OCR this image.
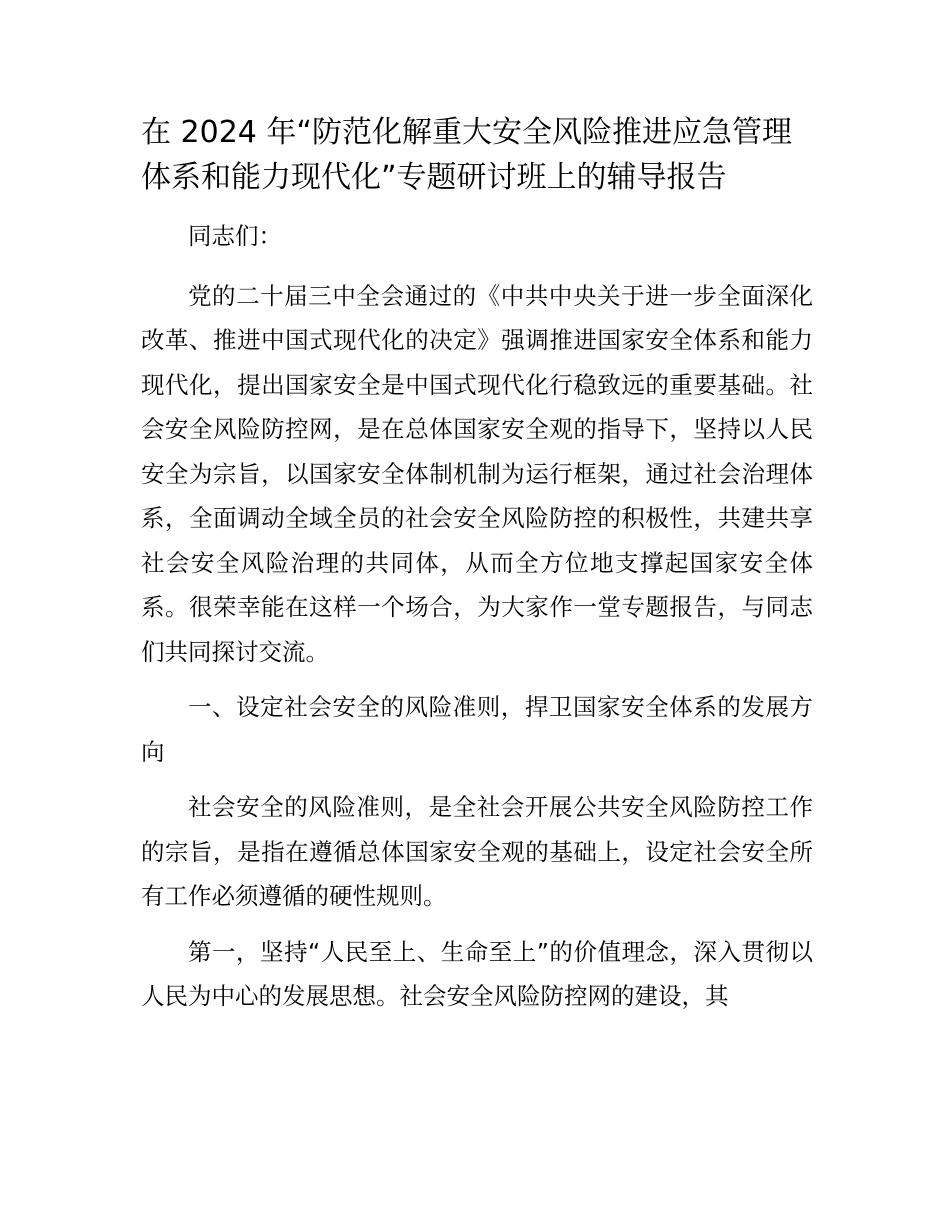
在 2024 年“防范化解重大安全风险推进应急管理体系和能力现代化”专题研讨班上的辅导报告

同志们：

党的二十届三中全会通过的《中共中央关于进一步全面深化改革、推进中国式现代化的决定》强调推进国家安全体系和能力现代化，提出国家安全是中国式现代化行稳致远的重要基础。社会安全风险防控网，是在总体国家安全观的指导下，坚持以人民安全为宗旨，以国家安全体制机制为运行框架，通过社会治理体系，全面调动全域全员的社会安全风险防控的积极性，共建共享社会安全风险治理的共同体，从而全方位地支撑起国家安全体系。很荣幸能在这样一个场合，为大家作一堂专题报告，与同志们共同探讨交流。

一、设定社会安全的风险准则，捍卫国家安全体系的发展方向

社会安全的风险准则，是全社会开展公共安全风险防控工作的宗旨，是指在遵循总体国家安全观的基础上，设定社会安全所有工作必须遵循的硬性规则。

第一，坚持“人民至上、生命至上”的价值理念，深入贯彻以人民为中心的发展思想。社会安全风险防控网的建设，其
